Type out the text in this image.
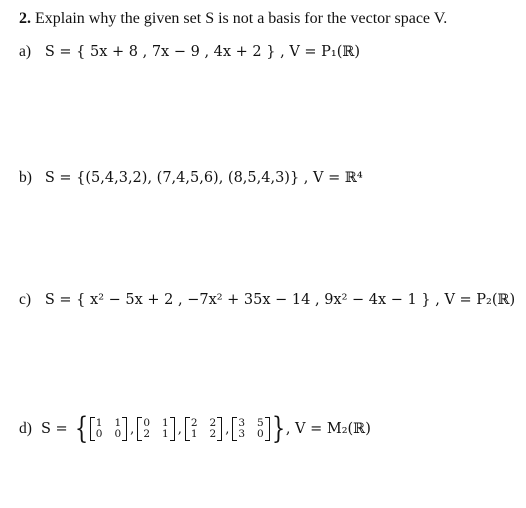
2. Explain why the given set S is not a basis for the vector space V.
a) S = { 5x + 8 , 7x − 9 , 4x + 2 } , V = P₁(ℝ)
b) S = {(5,4,3,2), (7,4,5,6), (8,5,4,3)} , V = ℝ⁴
c) S = { x² − 5x + 2 , −7x² + 35x − 14 , 9x² − 4x − 1 } , V = P₂(ℝ)
d) S = { 1 1
0 0 , 0 1
2 1 , 2 2
1 2 , 3 5
3 0 } , V = M₂(ℝ)
